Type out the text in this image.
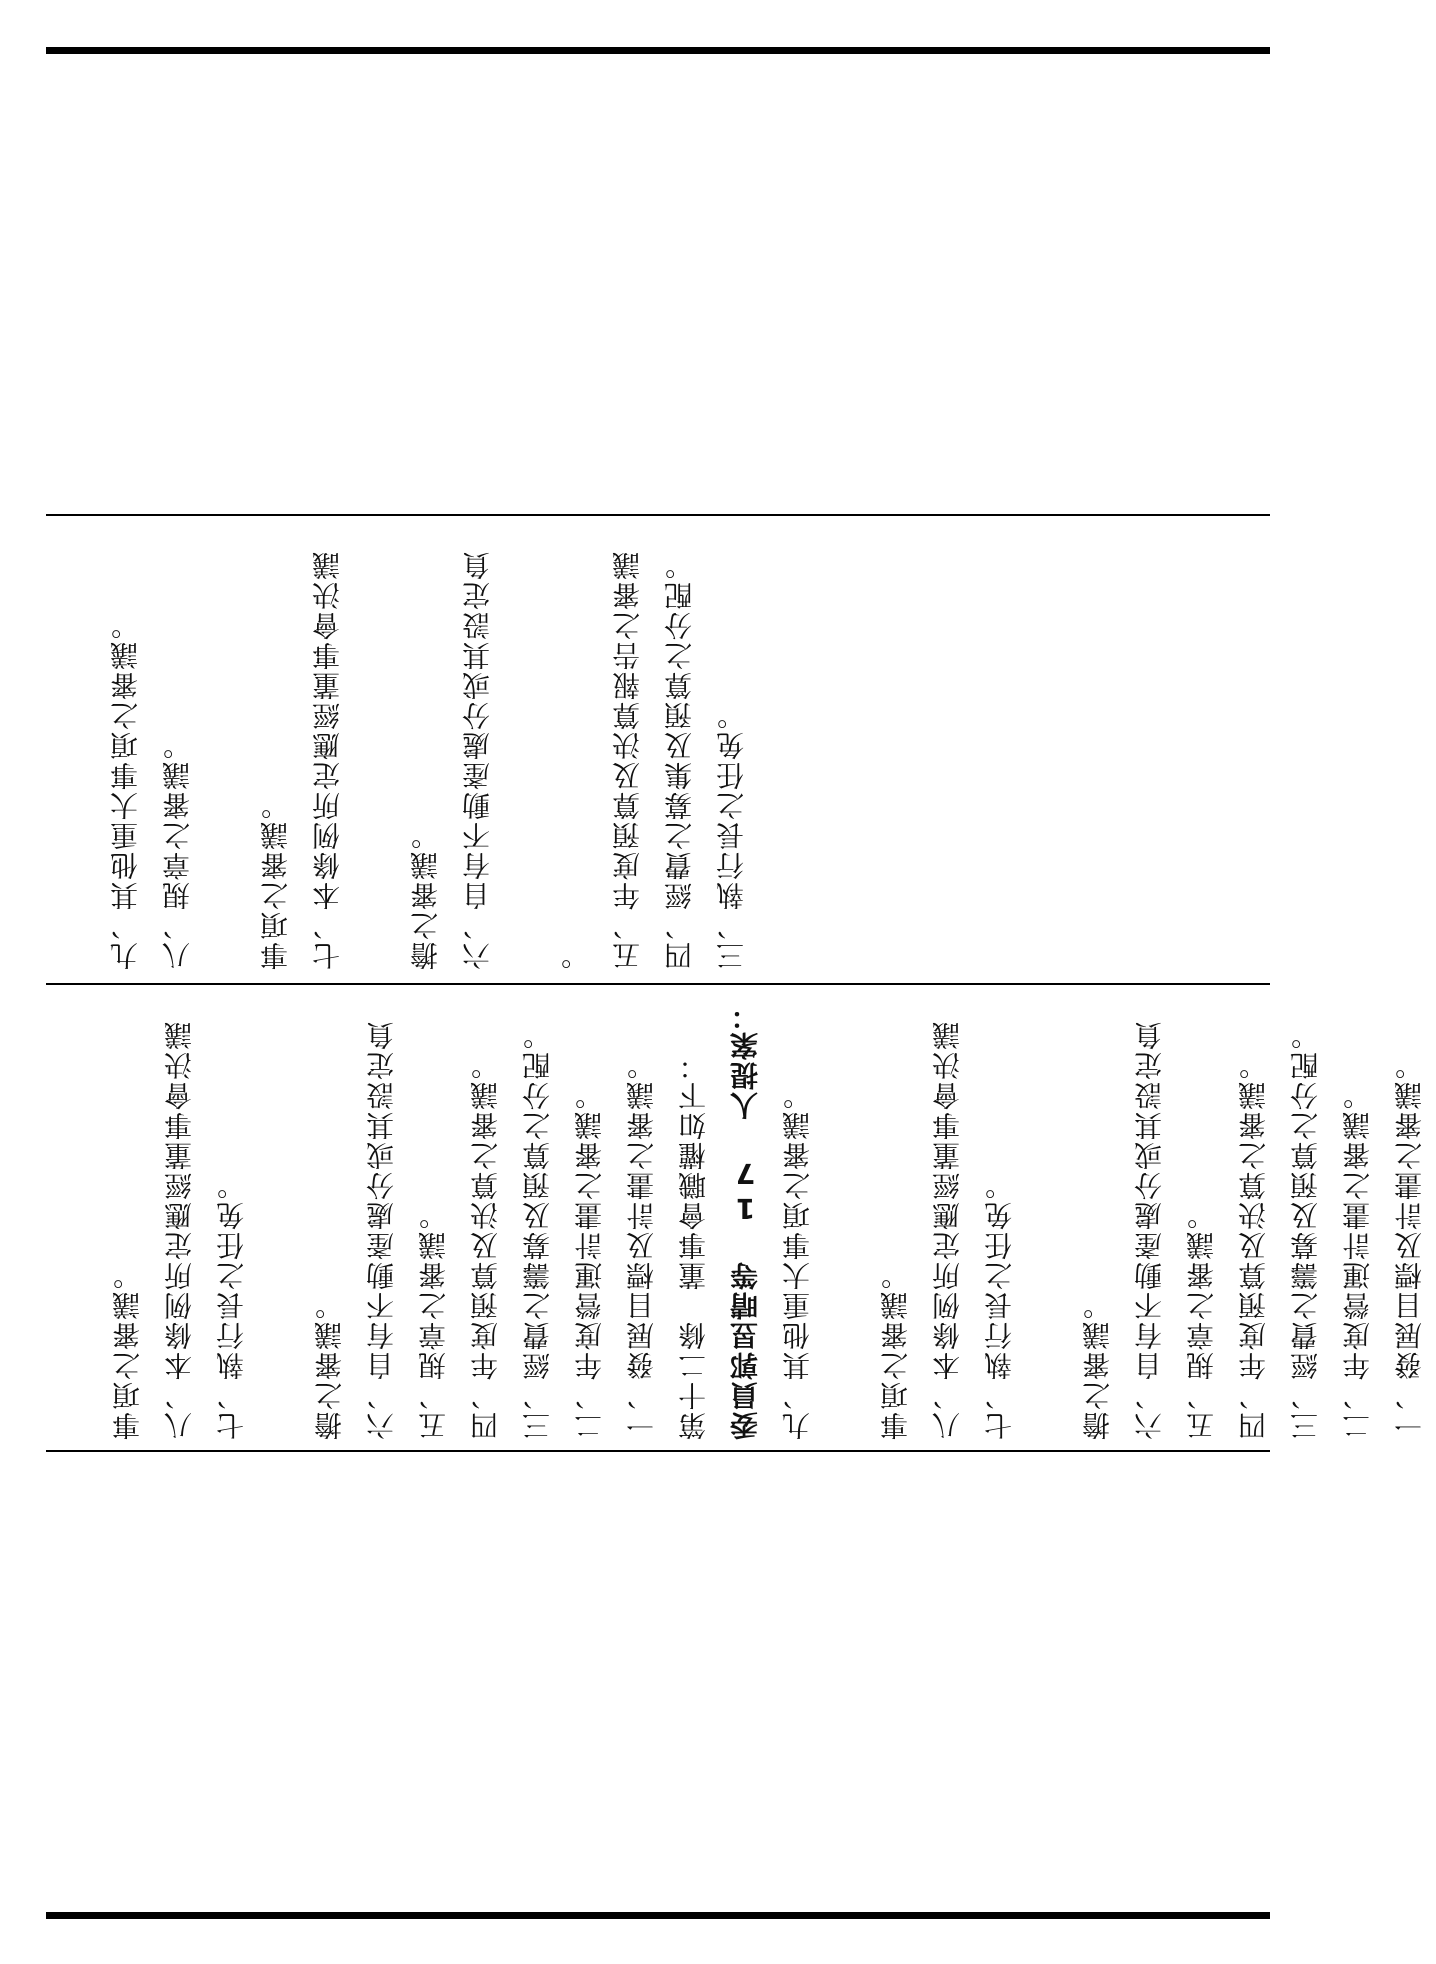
九、其他重大事項之審議。 八、規章之審議。	事項之審議。 七、本條例所定應經董事會決議	擔之審議。 六、自有不動產處分或其設定負	。 五、年度預算及決算報告之審議 四、經費之募集及預算之分配。 三、執行長之任免。
事項之審議。 八、本條例所定應經董事會決議 七、執行長之任免。	擔之審議。 六、自有不動產處分或其設定負 五、規章之審議。 四、年度預算及決算之審議。 三、經費之籌募及預算之分配。 二、年度營運計畫之審議。 一、發展目標及計畫之審議。 第十二條　董事會職權如下： 委員郭昱晴等 17 人提案： 九、其他重大事項之審議。	事項之審議。 八、本條例所定應經董事會決議 七、執行長之任免。	擔之審議。 六、自有不動產處分或其設定負 五、規章之審議。 四、年度預算及決算之審議。 三、經費之籌募及預算之分配。 二、年度營運計畫之審議。 一、發展目標及計畫之審議。
